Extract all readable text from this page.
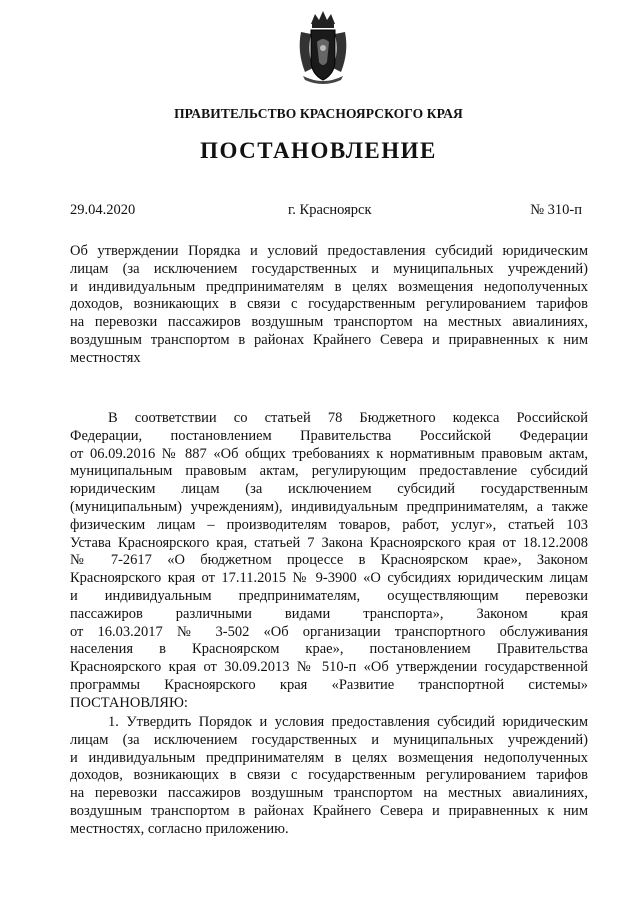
ПРАВИТЕЛЬСТВО КРАСНОЯРСКОГО КРАЯ
ПОСТАНОВЛЕНИЕ
29.04.2020	г. Красноярск	№ 310-п
Об утверждении Порядка и условий предоставления субсидий юридическим
лицам (за исключением государственных и муниципальных учреждений)
и индивидуальным предпринимателям в целях возмещения недополученных
доходов, возникающих в связи с государственным регулированием тарифов
на перевозки пассажиров воздушным транспортом на местных авиалиниях,
воздушным транспортом в районах Крайнего Севера и приравненных к ним
местностях
В соответствии со статьей 78 Бюджетного кодекса Российской
Федерации, постановлением Правительства Российской Федерации
от 06.09.2016 № 887 «Об общих требованиях к нормативным правовым актам,
муниципальным правовым актам, регулирующим предоставление субсидий
юридическим лицам (за исключением субсидий государственным
(муниципальным) учреждениям), индивидуальным предпринимателям, а также
физическим лицам – производителям товаров, работ, услуг», статьей 103
Устава Красноярского края, статьей 7 Закона Красноярского края от 18.12.2008
№ 7-2617 «О бюджетном процессе в Красноярском крае», Законом
Красноярского края от 17.11.2015 № 9-3900 «О субсидиях юридическим лицам
и индивидуальным предпринимателям, осуществляющим перевозки
пассажиров различными видами транспорта», Законом края
от 16.03.2017 № 3-502 «Об организации транспортного обслуживания
населения в Красноярском крае», постановлением Правительства
Красноярского края от 30.09.2013 № 510-п «Об утверждении государственной
программы Красноярского края «Развитие транспортной системы»
ПОСТАНОВЛЯЮ:
1. Утвердить Порядок и условия предоставления субсидий юридическим
лицам (за исключением государственных и муниципальных учреждений)
и индивидуальным предпринимателям в целях возмещения недополученных
доходов, возникающих в связи с государственным регулированием тарифов
на перевозки пассажиров воздушным транспортом на местных авиалиниях,
воздушным транспортом в районах Крайнего Севера и приравненных к ним
местностях, согласно приложению.
